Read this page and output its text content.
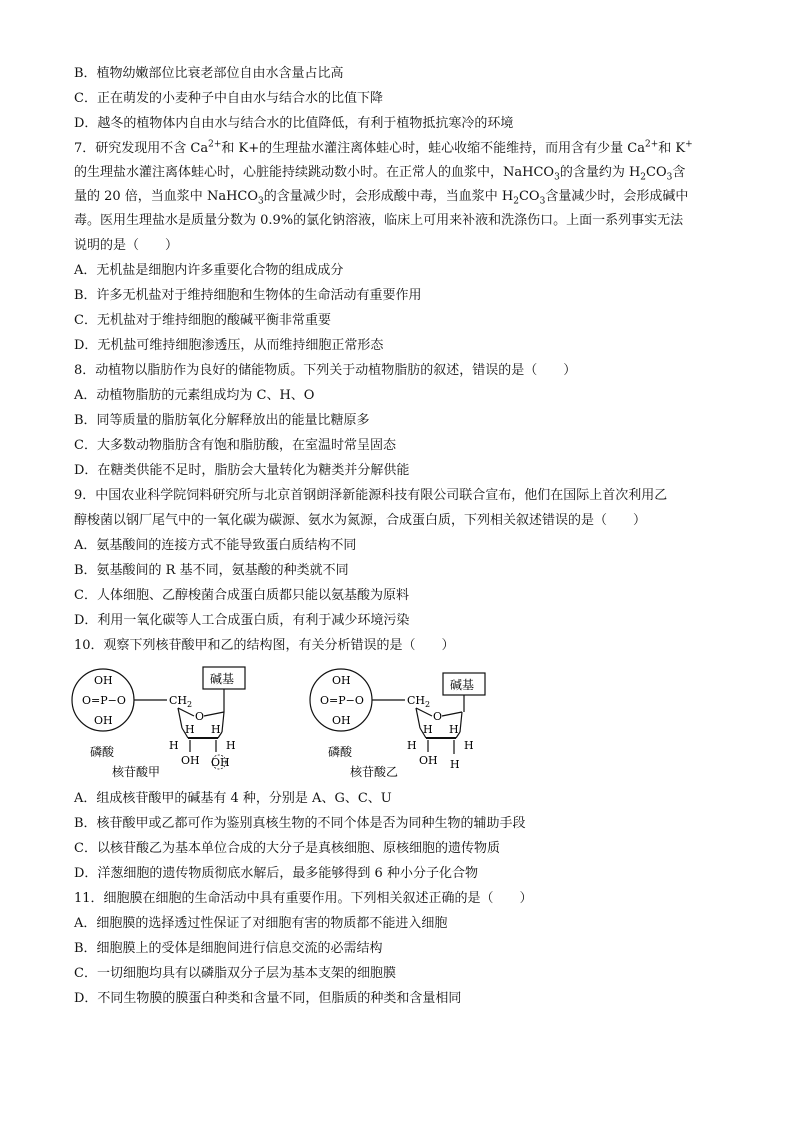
B．植物幼嫩部位比衰老部位自由水含量占比高
C．正在萌发的小麦种子中自由水与结合水的比值下降
D．越冬的植物体内自由水与结合水的比值降低，有利于植物抵抗寒冷的环境
7．研究发现用不含 $Ca^{2+}$和 K+的生理盐水灌注离体蛙心时，蛙心收缩不能维持，而用含有少量 $Ca^{2+}$和 K+
的生理盐水灌注离体蛙心时，心脏能持续跳动数小时。在正常人的血浆中，NaHCO$_3$的含量约为 $H_2CO_3$含
量的 20 倍，当血浆中 NaHCO$_3$的含量减少时，会形成酸中毒，当血浆中 $H_2CO_3$含量减少时，会形成碱中
毒。医用生理盐水是质量分数为 0.9%的氯化钠溶液，临床上可用来补液和洗涤伤口。上面一系列事实无法
说明的是（　　）
A．无机盐是细胞内许多重要化合物的组成成分
B．许多无机盐对于维持细胞和生物体的生命活动有重要作用
C．无机盐对于维持细胞的酸碱平衡非常重要
D．无机盐可维持细胞渗透压，从而维持细胞正常形态
8．动植物以脂肪作为良好的储能物质。下列关于动植物脂肪的叙述，错误的是（　　）
A．动植物脂肪的元素组成均为 C、H、O
B．同等质量的脂肪氧化分解释放出的能量比糖原多
C．大多数动物脂肪含有饱和脂肪酸，在室温时常呈固态
D．在糖类供能不足时，脂肪会大量转化为糖类并分解供能
9．中国农业科学院饲料研究所与北京首钢朗泽新能源科技有限公司联合宣布，他们在国际上首次利用乙
醇梭菌以钢厂尾气中的一氧化碳为碳源、氨水为氮源，合成蛋白质，下列相关叙述错误的是（　　）
A．氨基酸间的连接方式不能导致蛋白质结构不同
B．氨基酸间的 R 基不同，氨基酸的种类就不同
C．人体细胞、乙醇梭菌合成蛋白质都只能以氨基酸为原料
D．利用一氧化碳等人工合成蛋白质，有利于减少环境污染
10．观察下列核苷酸甲和乙的结构图，有关分析错误的是（　　）
OH
O=P−O
OH
$CH_2$
碱基
O
H
H H
H
OH OH
磷酸
核苷酸甲
OH
O=P−O
OH
$CH_2$
碱基
O
H
H H
H
OH H
磷酸
核苷酸乙
A．组成核苷酸甲的碱基有 4 种，分别是 A、G、C、U
B．核苷酸甲或乙都可作为鉴别真核生物的不同个体是否为同种生物的辅助手段
C．以核苷酸乙为基本单位合成的大分子是真核细胞、原核细胞的遗传物质
D．洋葱细胞的遗传物质彻底水解后，最多能够得到 6 种小分子化合物
11．细胞膜在细胞的生命活动中具有重要作用。下列相关叙述正确的是（　　）
A．细胞膜的选择透过性保证了对细胞有害的物质都不能进入细胞
B．细胞膜上的受体是细胞间进行信息交流的必需结构
C．一切细胞均具有以磷脂双分子层为基本支架的细胞膜
D．不同生物膜的膜蛋白种类和含量不同，但脂质的种类和含量相同
